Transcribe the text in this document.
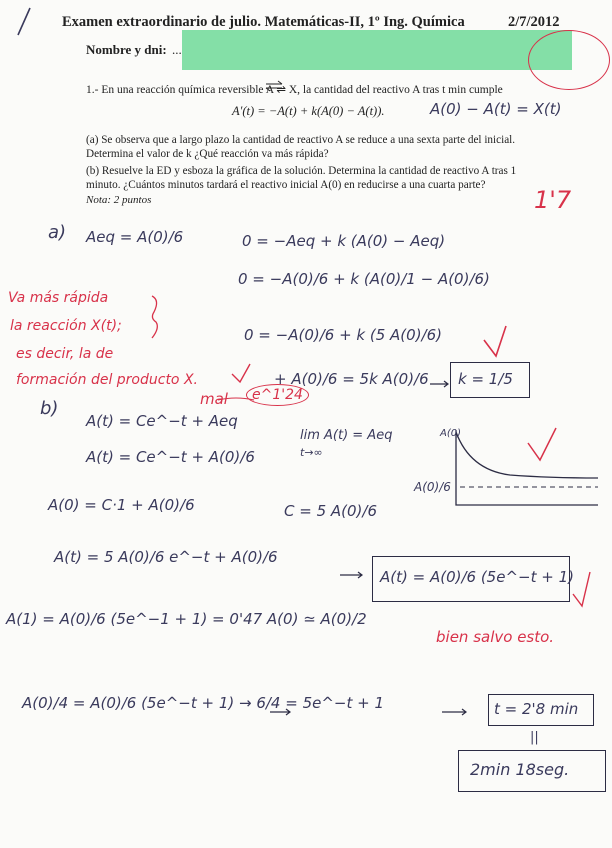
Examen extraordinario de julio. Matemáticas-II, 1º Ing. Química	2/7/2012
Nombre y dni: ...
1.- En una reacción química reversible A ⇌ X, la cantidad del reactivo A tras t min cumple
A′(t) = −A(t) + k(A(0) − A(t)).	A(0) − A(t) = X(t)
(a) Se observa que a largo plazo la cantidad de reactivo A se reduce a una sexta parte del inicial.
Determina el valor de k ¿Qué reacción va más rápida?
(b) Resuelve la ED y esboza la gráfica de la solución. Determina la cantidad de reactivo A tras 1
minuto. ¿Cuántos minutos tardará el reactivo inicial A(0) en reducirse a una cuarta parte?
Nota: 2 puntos	1'7
a) Aeq = A(0)/6	0 = −Aeq + k (A(0) − Aeq)
0 = −A(0)/6 + k (A(0)/1 − A(0)/6)
0 = −A(0)/6 + k (5 A(0)/6)
+ A(0)/6 = 5k A(0)/6 k = 1/5
Va más rápida
la reacción X(t);
es decir, la de
formación del producto X.
b)	mal	e^1'24
A(t) = Ce^−t + Aeq
A(t) = Ce^−t + A(0)/6
lim A(t) = Aeq
t→∞
A(0)
A(0)/6
A(0) = C·1 + A(0)/6	C = 5 A(0)/6
A(t) = 5 A(0)/6 e^−t + A(0)/6
A(t) = A(0)/6 (5e^−t + 1)
A(1) = A(0)/6 (5e^−1 + 1) = 0'47 A(0) ≃ A(0)/2
bien salvo esto.
A(0)/4 = A(0)/6 (5e^−t + 1) → 6/4 = 5e^−t + 1	t = 2'8 min
||
2min 18seg.
